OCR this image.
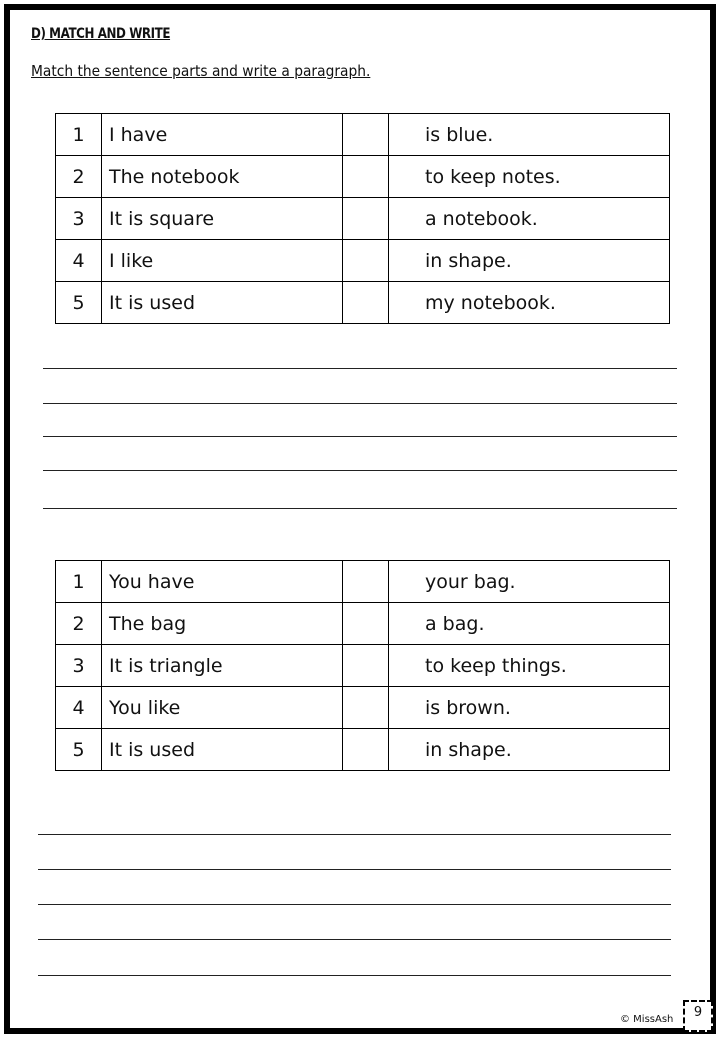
D) MATCH AND WRITE
Match the sentence parts and write a paragraph.
1	I have		is blue.
2	The notebook		to keep notes.
3	It is square		a notebook.
4	I like		in shape.
5	It is used		my notebook.
1	You have		your bag.
2	The bag		a bag.
3	It is triangle		to keep things.
4	You like		is brown.
5	It is used		in shape.
© MissAsh	9
